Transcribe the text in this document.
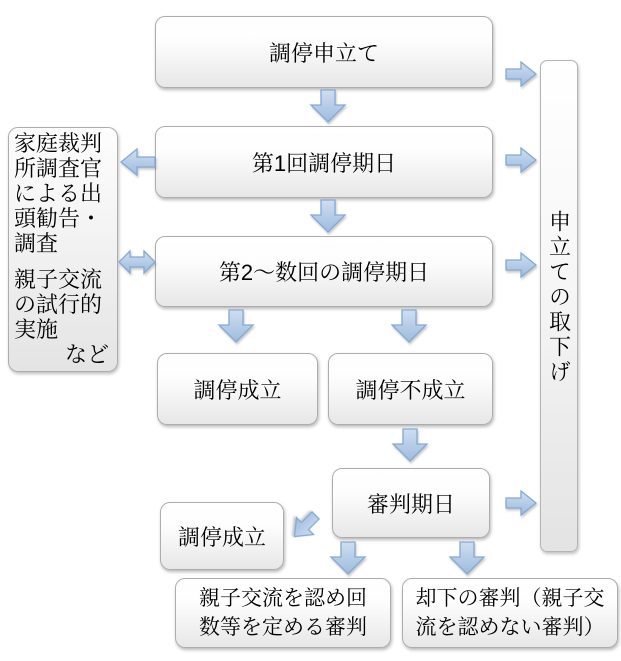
調停申立て
第1回調停期日
第2〜数回の調停期日
調停成立	調停不成立
審判期日
調停成立
親子交流を認め回
数等を定める審判
却下の審判（親子交
流を認めない審判）
家庭裁判
所調査官
による出
頭勧告・
調査
親子交流
の試行的
実施
など	申立ての取下げ
